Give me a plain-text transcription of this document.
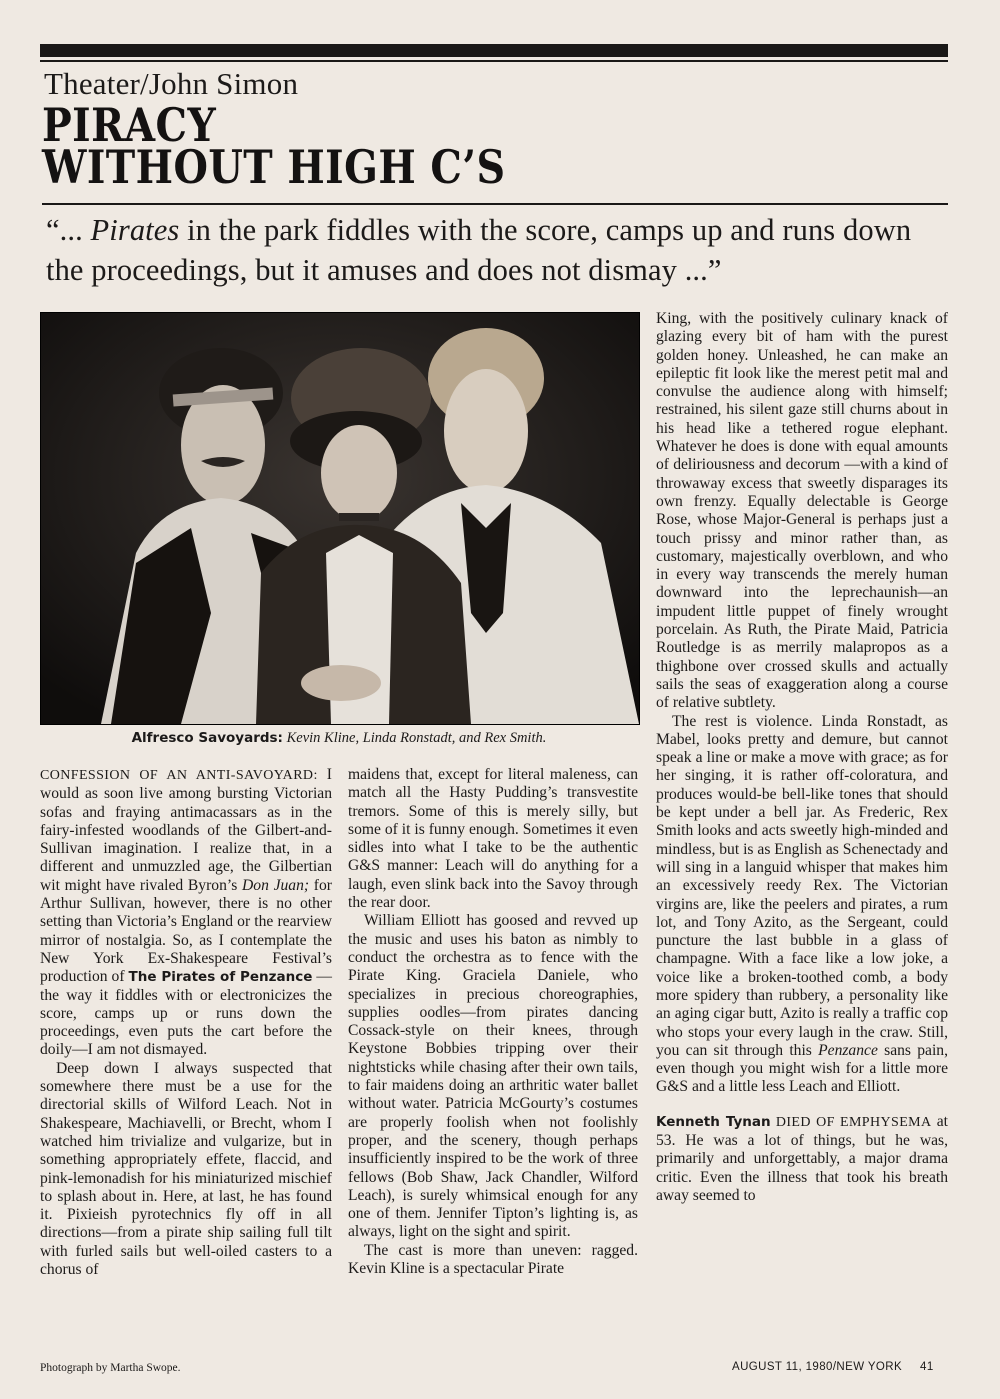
Theater/John Simon
PIRACY
WITHOUT HIGH C’S
“... Pirates in the park fiddles with the score, camps up and runs down the proceedings, but it amuses and does not dismay ...”
Alfresco Savoyards: Kevin Kline, Linda Ronstadt, and Rex Smith.

CONFESSION OF AN ANTI-SAVOYARD: I would as soon live among bursting Victorian sofas and fraying antimacassars as in the fairy-infested woodlands of the Gilbert-and-Sullivan imagination. I realize that, in a different and unmuzzled age, the Gilbertian wit might have rivaled Byron’s Don Juan; for Arthur Sullivan, however, there is no other setting than Victoria’s England or the rearview mirror of nostalgia. So, as I contemplate the New York Ex-Shakespeare Festival’s production of The Pirates of Penzance —the way it fiddles with or electronicizes the score, camps up or runs down the proceedings, even puts the cart before the doily—I am not dismayed.

Deep down I always suspected that somewhere there must be a use for the directorial skills of Wilford Leach. Not in Shakespeare, Machiavelli, or Brecht, whom I watched him trivialize and vulgarize, but in something appropriately effete, flaccid, and pink-lemonadish for his miniaturized mischief to splash about in. Here, at last, he has found it. Pixieish pyrotechnics fly off in all directions—from a pirate ship sailing full tilt with furled sails but well-oiled casters to a chorus of

maidens that, except for literal maleness, can match all the Hasty Pudding’s transvestite tremors. Some of this is merely silly, but some of it is funny enough. Sometimes it even sidles into what I take to be the authentic G&S manner: Leach will do anything for a laugh, even slink back into the Savoy through the rear door.

William Elliott has goosed and revved up the music and uses his baton as nimbly to conduct the orchestra as to fence with the Pirate King. Graciela Daniele, who specializes in precious choreographies, supplies oodles—from pirates dancing Cossack-style on their knees, through Keystone Bobbies tripping over their nightsticks while chasing after their own tails, to fair maidens doing an arthritic water ballet without water. Patricia McGourty’s costumes are properly foolish when not foolishly proper, and the scenery, though perhaps insufficiently inspired to be the work of three fellows (Bob Shaw, Jack Chandler, Wilford Leach), is surely whimsical enough for any one of them. Jennifer Tipton’s lighting is, as always, light on the sight and spirit.

The cast is more than uneven: ragged. Kevin Kline is a spectacular Pirate

King, with the positively culinary knack of glazing every bit of ham with the purest golden honey. Unleashed, he can make an epileptic fit look like the merest petit mal and convulse the audience along with himself; restrained, his silent gaze still churns about in his head like a tethered rogue elephant. Whatever he does is done with equal amounts of deliriousness and decorum —with a kind of throwaway excess that sweetly disparages its own frenzy. Equally delectable is George Rose, whose Major-General is perhaps just a touch prissy and minor rather than, as customary, majestically overblown, and who in every way transcends the merely human downward into the leprechaunish—an impudent little puppet of finely wrought porcelain. As Ruth, the Pirate Maid, Patricia Routledge is as merrily malapropos as a thighbone over crossed skulls and actually sails the seas of exaggeration along a course of relative subtlety.

The rest is violence. Linda Ronstadt, as Mabel, looks pretty and demure, but cannot speak a line or make a move with grace; as for her singing, it is rather off-coloratura, and produces would-be bell-like tones that should be kept under a bell jar. As Frederic, Rex Smith looks and acts sweetly high-minded and mindless, but is as English as Schenectady and will sing in a languid whisper that makes him an excessively reedy Rex. The Victorian virgins are, like the peelers and pirates, a rum lot, and Tony Azito, as the Sergeant, could puncture the last bubble in a glass of champagne. With a face like a low joke, a voice like a broken-toothed comb, a body more spidery than rubbery, a personality like an aging cigar butt, Azito is really a traffic cop who stops your every laugh in the craw. Still, you can sit through this Penzance sans pain, even though you might wish for a little more G&S and a little less Leach and Elliott.

Kenneth Tynan DIED OF EMPHYSEMA at 53. He was a lot of things, but he was, primarily and unforgettably, a major drama critic. Even the illness that took his breath away seemed to

Photograph by Martha Swope.	AUGUST 11, 1980/NEW YORK 41
